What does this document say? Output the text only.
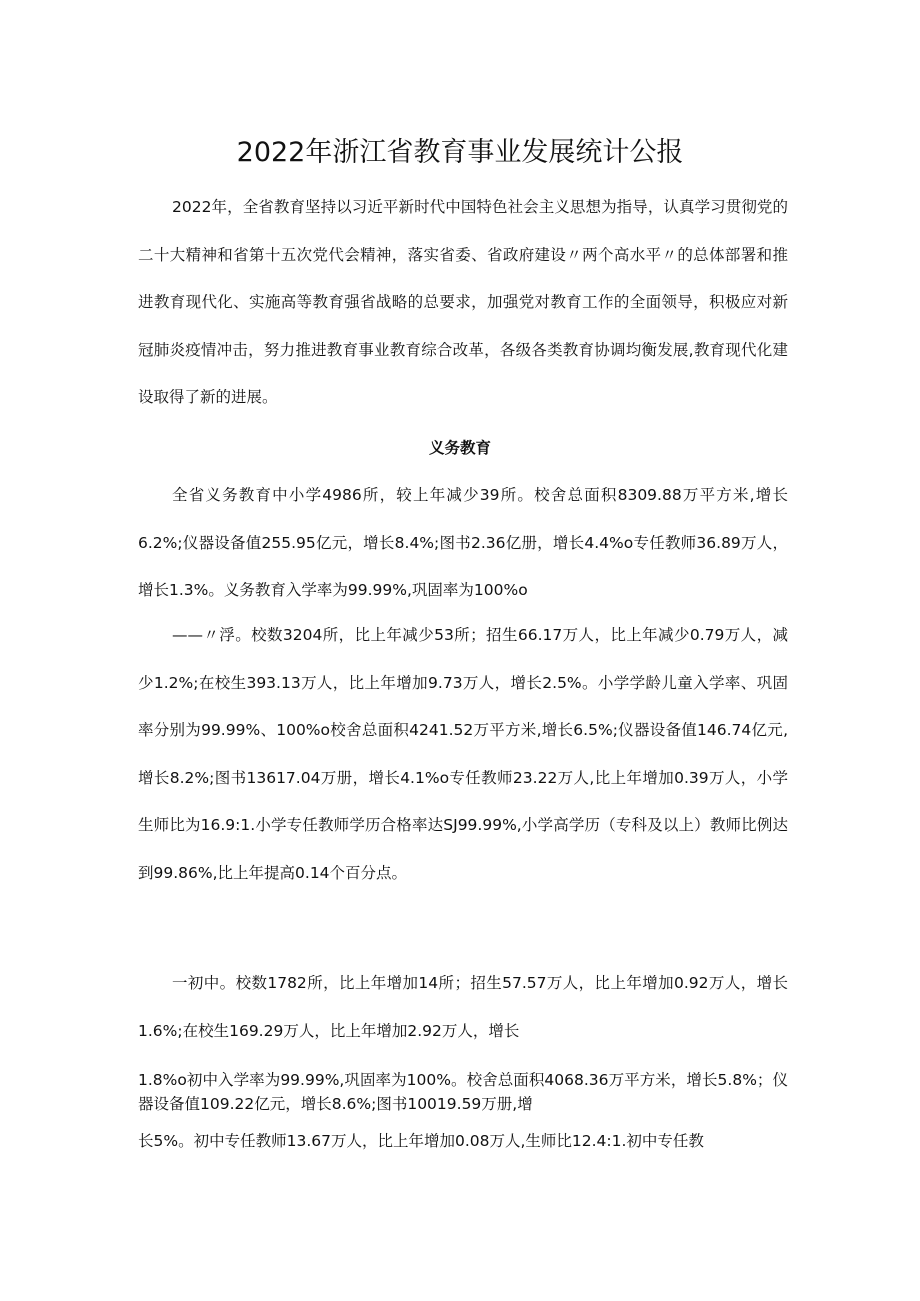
2022年浙江省教育事业发展统计公报

2022年，全省教育坚持以习近平新时代中国特色社会主义思想为指导，认真学习贯彻党的二十大精神和省第十五次党代会精神，落实省委、省政府建设〃两个高水平〃的总体部署和推进教育现代化、实施高等教育强省战略的总要求，加强党对教育工作的全面领导，积极应对新冠肺炎疫情冲击，努力推进教育事业教育综合改革，各级各类教育协调均衡发展,教育现代化建设取得了新的进展。

义务教育

全省义务教育中小学4986所，较上年减少39所。校舍总面积8309.88万平方米,增长6.2%;仪器设备值255.95亿元，增长8.4%;图书2.36亿册，增长4.4%o专任教师36.89万人，增长1.3%。义务教育入学率为99.99%,巩固率为100%o

——〃浮。校数3204所，比上年减少53所；招生66.17万人，比上年减少0.79万人，减少1.2%;在校生393.13万人，比上年增加9.73万人，增长2.5%。小学学龄儿童入学率、巩固率分别为99.99%、100%o校舍总面积4241.52万平方米,增长6.5%;仪器设备值146.74亿元,增长8.2%;图书13617.04万册，增长4.1%o专任教师23.22万人,比上年增加0.39万人，小学生师比为16.9:1.小学专任教师学历合格率达SJ99.99%,小学高学历（专科及以上）教师比例达到99.86%,比上年提高0.14个百分点。

一初中。校数1782所，比上年增加14所；招生57.57万人，比上年增加0.92万人，增长1.6%;在校生169.29万人，比上年增加2.92万人，增长

1.8%o初中入学率为99.99%,巩固率为100%。校舍总面积4068.36万平方米，增长5.8%；仪器设备值109.22亿元，增长8.6%;图书10019.59万册,增

长5%。初中专任教师13.67万人，比上年增加0.08万人,生师比12.4:1.初中专任教
